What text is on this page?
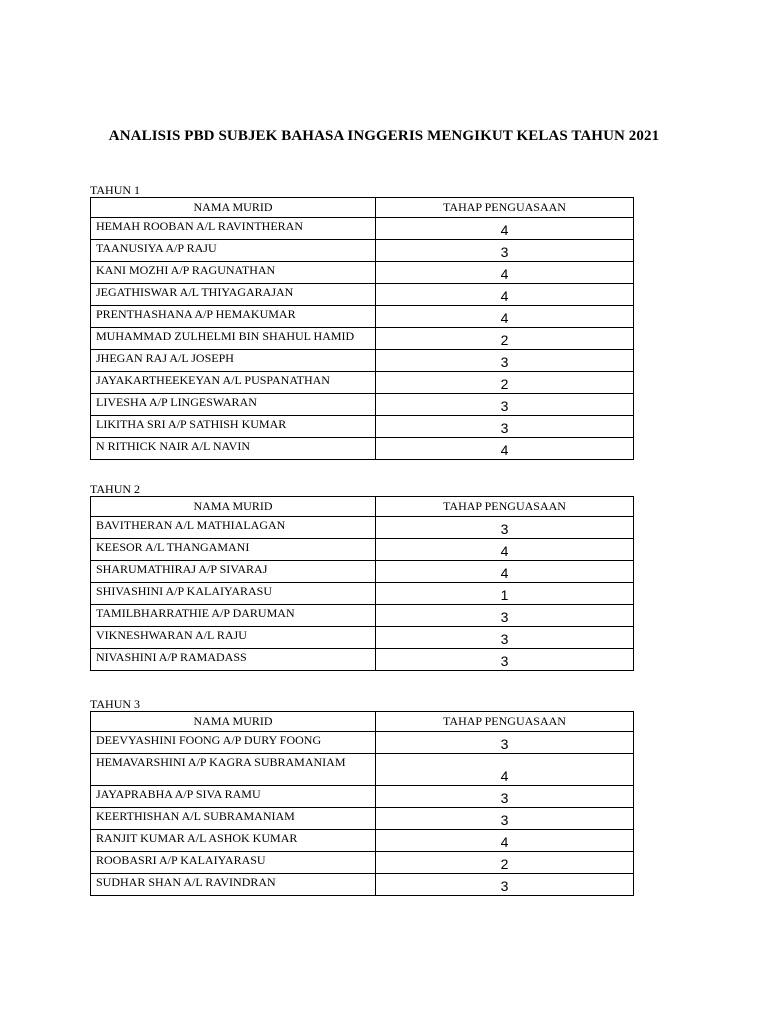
ANALISIS PBD SUBJEK BAHASA INGGERIS MENGIKUT KELAS TAHUN 2021
TAHUN 1
NAMA MURID	TAHAP PENGUASAAN
HEMAH ROOBAN A/L RAVINTHERAN	4
TAANUSIYA A/P RAJU	3
KANI MOZHI A/P RAGUNATHAN	4
JEGATHISWAR A/L THIYAGARAJAN	4
PRENTHASHANA A/P HEMAKUMAR	4
MUHAMMAD ZULHELMI BIN SHAHUL HAMID	2
JHEGAN RAJ A/L JOSEPH	3
JAYAKARTHEEKEYAN A/L PUSPANATHAN	2
LIVESHA A/P LINGESWARAN	3
LIKITHA SRI A/P SATHISH KUMAR	3
N RITHICK NAIR A/L NAVIN	4
TAHUN 2
NAMA MURID	TAHAP PENGUASAAN
BAVITHERAN A/L MATHIALAGAN	3
KEESOR A/L THANGAMANI	4
SHARUMATHIRAJ A/P SIVARAJ	4
SHIVASHINI A/P KALAIYARASU	1
TAMILBHARRATHIE A/P DARUMAN	3
VIKNESHWARAN A/L RAJU	3
NIVASHINI A/P RAMADASS	3
TAHUN 3
NAMA MURID	TAHAP PENGUASAAN
DEEVYASHINI FOONG A/P DURY FOONG	3
HEMAVARSHINI A/P KAGRA SUBRAMANIAM	4
JAYAPRABHA A/P SIVA RAMU	3
KEERTHISHAN A/L SUBRAMANIAM	3
RANJIT KUMAR A/L ASHOK KUMAR	4
ROOBASRI A/P KALAIYARASU	2
SUDHAR SHAN A/L RAVINDRAN	3
